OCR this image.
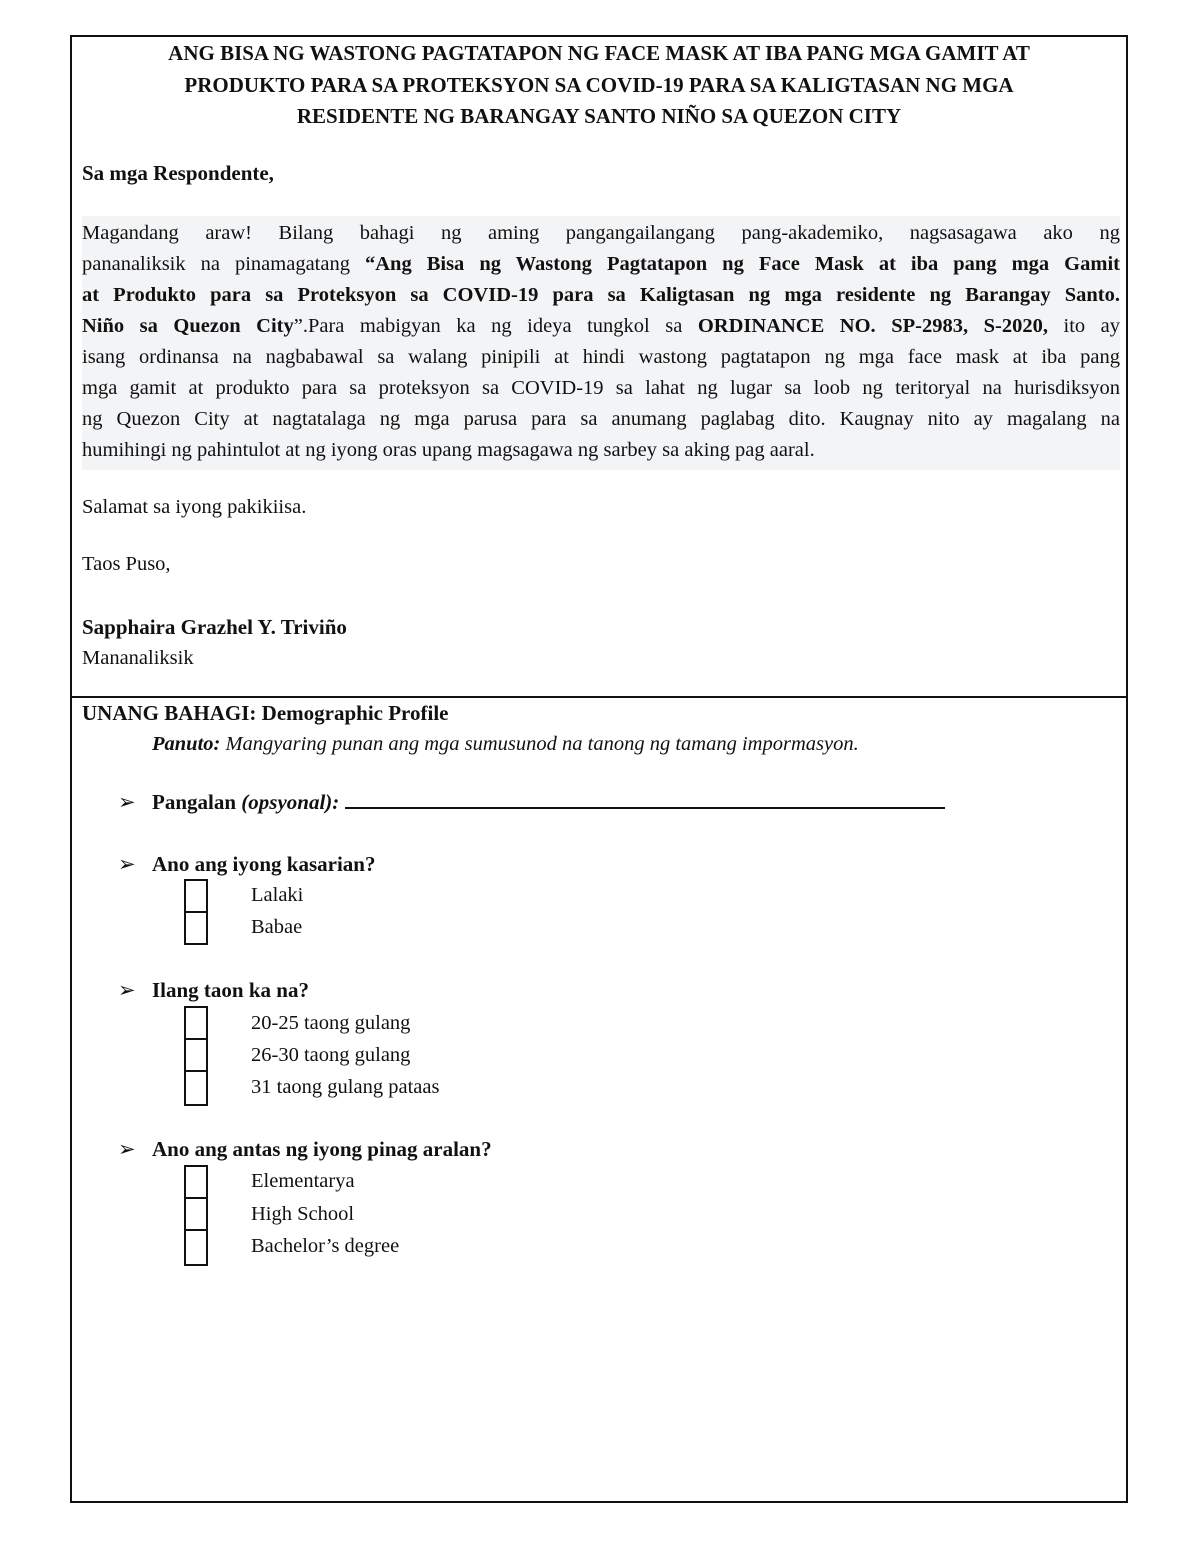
ANG BISA NG WASTONG PAGTATAPON NG FACE MASK AT IBA PANG MGA GAMIT AT
PRODUKTO PARA SA PROTEKSYON SA COVID-19 PARA SA KALIGTASAN NG MGA
RESIDENTE NG BARANGAY SANTO NIÑO SA QUEZON CITY
Sa mga Respondente,
Magandang araw! Bilang bahagi ng aming pangangailangang pang-akademiko, nagsasagawa ako ng
pananaliksik na pinamagatang “Ang Bisa ng Wastong Pagtatapon ng Face Mask at iba pang mga Gamit
at Produkto para sa Proteksyon sa COVID-19 para sa Kaligtasan ng mga residente ng Barangay Santo.
Niño sa Quezon City”.Para mabigyan ka ng ideya tungkol sa ORDINANCE NO. SP-2983, S-2020, ito ay
isang ordinansa na nagbabawal sa walang pinipili at hindi wastong pagtatapon ng mga face mask at iba pang
mga gamit at produkto para sa proteksyon sa COVID-19 sa lahat ng lugar sa loob ng teritoryal na hurisdiksyon
ng Quezon City at nagtatalaga ng mga parusa para sa anumang paglabag dito. Kaugnay nito ay magalang na
humihingi ng pahintulot at ng iyong oras upang magsagawa ng sarbey sa aking pag aaral.
Salamat sa iyong pakikiisa.
Taos Puso,
Sapphaira Grazhel Y. Triviño
Mananaliksik
UNANG BAHAGI: Demographic Profile
Panuto: Mangyaring punan ang mga sumusunod na tanong ng tamang impormasyon.
➢ Pangalan (opsyonal):
➢ Ano ang iyong kasarian?
Lalaki
Babae
➢ Ilang taon ka na?
20-25 taong gulang
26-30 taong gulang
31 taong gulang pataas
➢ Ano ang antas ng iyong pinag aralan?
Elementarya
High School
Bachelor’s degree
